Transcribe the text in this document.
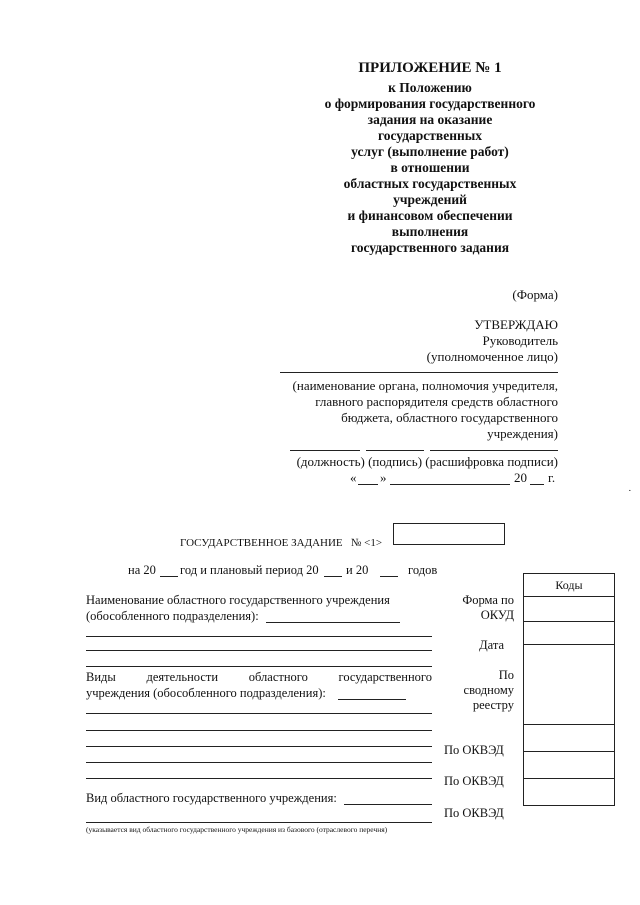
ПРИЛОЖЕНИЕ № 1
к Положению
о формирования государственного
задания на оказание
государственных
услуг (выполнение работ)
в отношении
областных государственных
учреждений
и финансовом обеспечении
выполнения
государственного задания
(Форма)
УТВЕРЖДАЮ
Руководитель
(уполномоченное лицо)
(наименование органа, полномочия учредителя,
главного распорядителя средств областного
бюджета, областного государственного
учреждения)
(должность) (подпись) (расшифровка подписи)
« »	20 г.
˙
ГОСУДАРСТВЕННОЕ ЗАДАНИЕ № <1>
на 20 год и плановый период 20 и 20	годов
Наименование областного государственного учреждения
(обособленного подразделения):
Виды деятельности областного государственного
учреждения (обособленного подразделения):
Вид областного государственного учреждения:
(указывается вид областного государственного учреждения из базового (отраслевого перечня)
Форма по
ОКУД
Дата
По
сводному
реестру
По ОКВЭД
По ОКВЭД
По ОКВЭД
Коды
